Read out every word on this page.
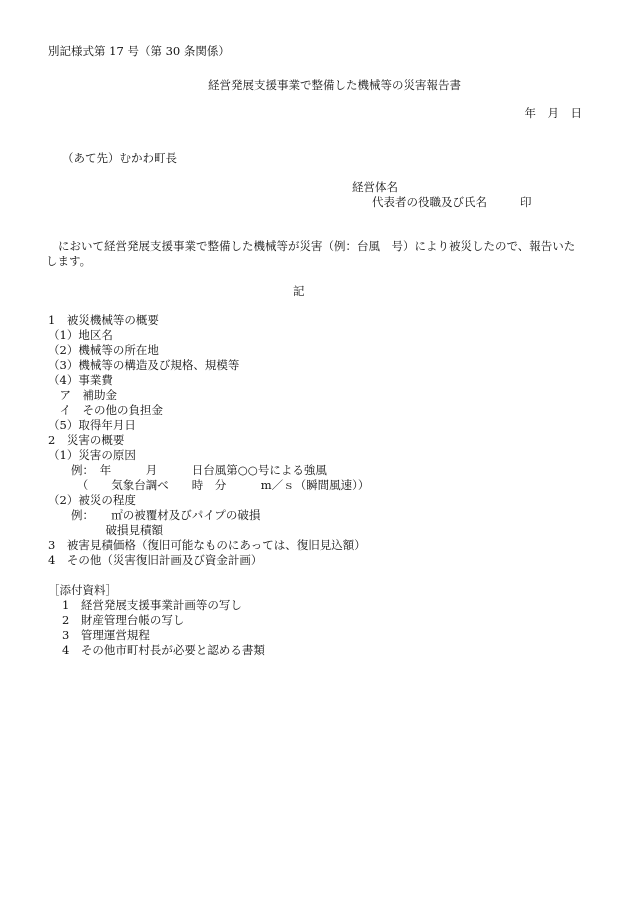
別記様式第 17 号（第 30 条関係）
経営発展支援事業で整備した機械等の災害報告書
年　月　日
（あて先）むかわ町長
経営体名
代表者の役職及び氏名	印
において経営発展支援事業で整備した機械等が災害（例：台風　号）により被災したので、報告いた
します。
記
1　被災機械等の概要
（1）地区名
（2）機械等の所在地
（3）機械等の構造及び規格、規模等
（4）事業費
　ア　補助金
　イ　その他の負担金
（5）取得年月日
2　災害の概要
（1）災害の原因
　　例：　年　　　月　　　日台風第○○号による強風
　　　（　　気象台調べ　　時　分　　　m／ｓ（瞬間風速））
（2）被災の程度
　　例：　　㎡の被覆材及びパイプの破損
　　　　　破損見積額
3　被害見積価格（復旧可能なものにあっては、復旧見込額）
4　その他（災害復旧計画及び資金計画）
［添付資料］
1　経営発展支援事業計画等の写し
2　財産管理台帳の写し
3　管理運営規程
4　その他市町村長が必要と認める書類
